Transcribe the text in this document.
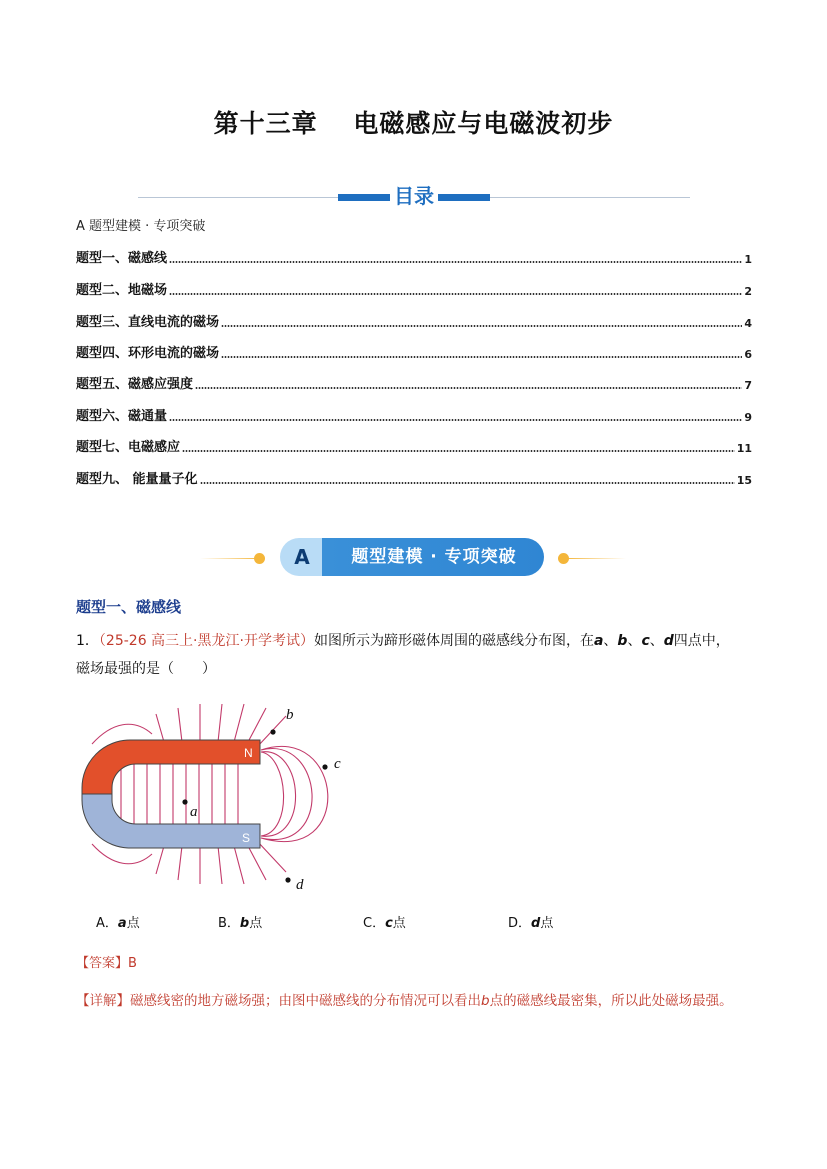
第十三章　 电磁感应与电磁波初步
目录
A 题型建模 · 专项突破
题型一、磁感线	1
题型二、地磁场	2
题型三、直线电流的磁场	4
题型四、环形电流的磁场	6
题型五、磁感应强度	7
题型六、磁通量	9
题型七、电磁感应	11
题型九、 能量量子化	15
A	题型建模 · 专项突破
题型一、磁感线
1．（25-26 高三上·黑龙江·开学考试）如图所示为蹄形磁体周围的磁感线分布图，在a、b、c、d四点中，
磁场最强的是（　　）
N
S
a
b
c
d
A．a点	B．b点	C．c点	D．d点
【答案】B
【详解】磁感线密的地方磁场强；由图中磁感线的分布情况可以看出b点的磁感线最密集，所以此处磁场最强。
